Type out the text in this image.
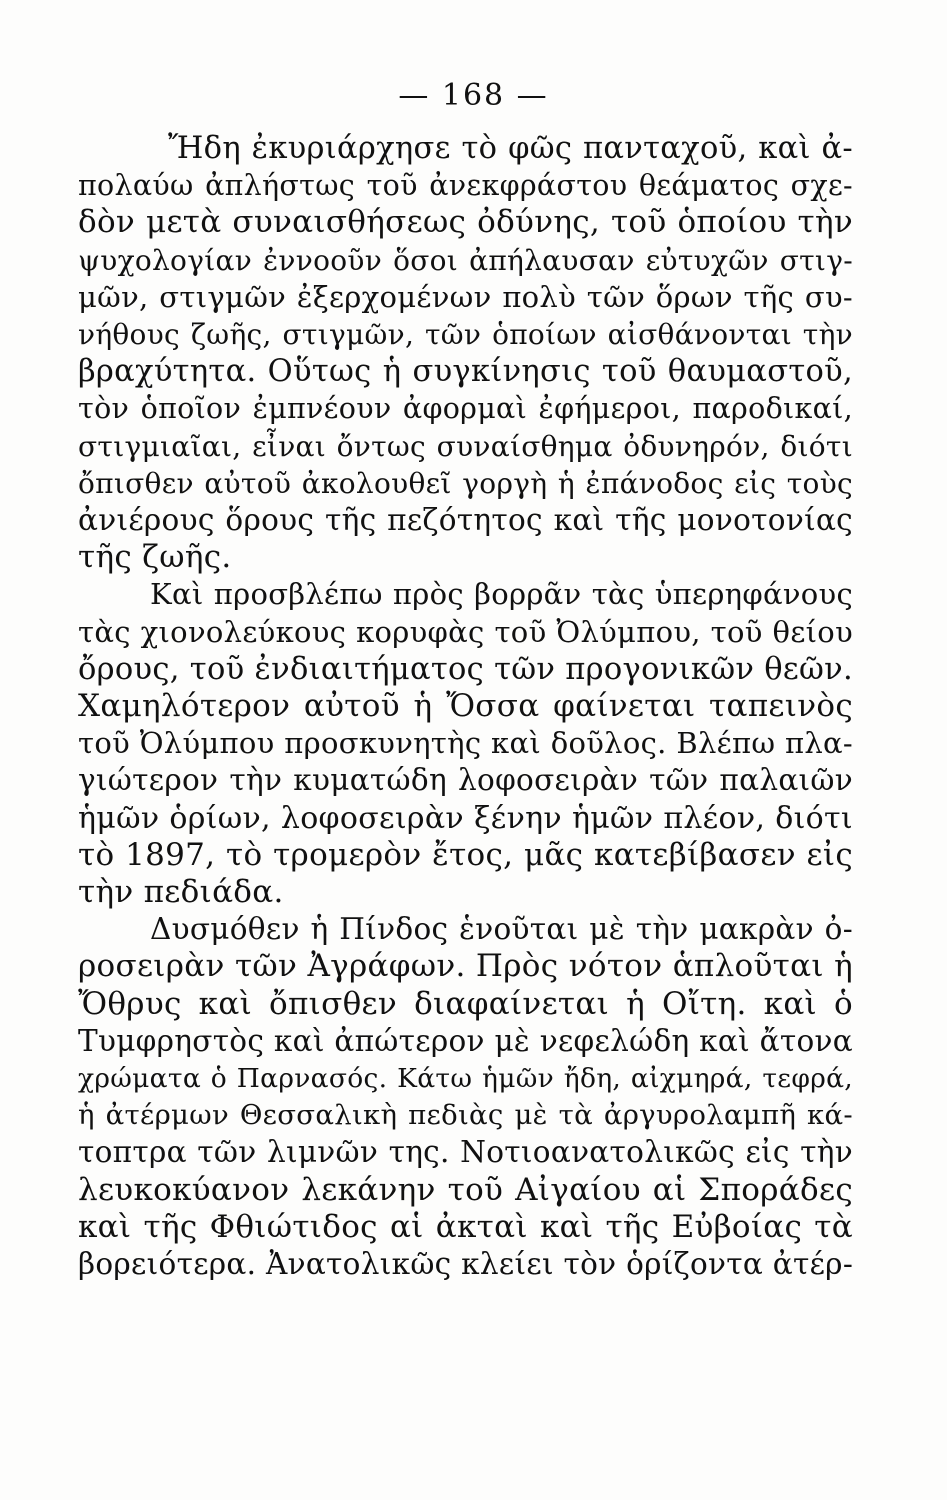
— 168 —
Ἤδη ἐκυριάρχησε τὸ φῶς πανταχοῦ, καὶ ἀ-
πολαύω ἀπλήστως τοῦ ἀνεκφράστου θεάματος σχε-
δὸν μετὰ συναισθήσεως ὀδύνης, τοῦ ὁποίου τὴν
ψυχολογίαν ἐννοοῦν ὅσοι ἀπήλαυσαν εὐτυχῶν στιγ-
μῶν, στιγμῶν ἐξερχομένων πολὺ τῶν ὅρων τῆς συ-
νήθους ζωῆς, στιγμῶν, τῶν ὁποίων αἰσθάνονται τὴν
βραχύτητα. Οὕτως ἡ συγκίνησις τοῦ θαυμαστοῦ,
τὸν ὁποῖον ἐμπνέουν ἀφορμαὶ ἐφήμεροι, παροδικαί,
στιγμιαῖαι, εἶναι ὄντως συναίσθημα ὀδυνηρόν, διότι
ὄπισθεν αὐτοῦ ἀκολουθεῖ γοργὴ ἡ ἐπάνοδος εἰς τοὺς
ἀνιέρους ὅρους τῆς πεζότητος καὶ τῆς μονοτονίας
τῆς ζωῆς.
Καὶ προσβλέπω πρὸς βορρᾶν τὰς ὑπερηφάνους
τὰς χιονολεύκους κορυφὰς τοῦ Ὀλύμπου, τοῦ θείου
ὄρους, τοῦ ἐνδιαιτήματος τῶν προγονικῶν θεῶν.
Χαμηλότερον αὐτοῦ ἡ Ὄσσα φαίνεται ταπεινὸς
τοῦ Ὀλύμπου προσκυνητὴς καὶ δοῦλος. Βλέπω πλα-
γιώτερον τὴν κυματώδη λοφοσειρὰν τῶν παλαιῶν
ἡμῶν ὁρίων, λοφοσειρὰν ξένην ἡμῶν πλέον, διότι
τὸ 1897, τὸ τρομερὸν ἔτος, μᾶς κατεβίβασεν εἰς
τὴν πεδιάδα.
Δυσμόθεν ἡ Πίνδος ἑνοῦται μὲ τὴν μακρὰν ὀ-
ροσειρὰν τῶν Ἀγράφων. Πρὸς νότον ἁπλοῦται ἡ
Ὄθρυς καὶ ὄπισθεν διαφαίνεται ἡ Οἴτη. καὶ ὁ
Τυμφρηστὸς καὶ ἀπώτερον μὲ νεφελώδη καὶ ἄτονα
χρώματα ὁ Παρνασός. Κάτω ἡμῶν ἤδη, αἰχμηρά, τεφρά,
ἡ ἀτέρμων Θεσσαλικὴ πεδιὰς μὲ τὰ ἀργυρολαμπῆ κά-
τοπτρα τῶν λιμνῶν της. Νοτιοανατολικῶς εἰς τὴν
λευκοκύανον λεκάνην τοῦ Αἰγαίου αἱ Σποράδες
καὶ τῆς Φθιώτιδος αἱ ἀκταὶ καὶ τῆς Εὐβοίας τὰ
βορειότερα. Ἀνατολικῶς κλείει τὸν ὁρίζοντα ἀτέρ-
